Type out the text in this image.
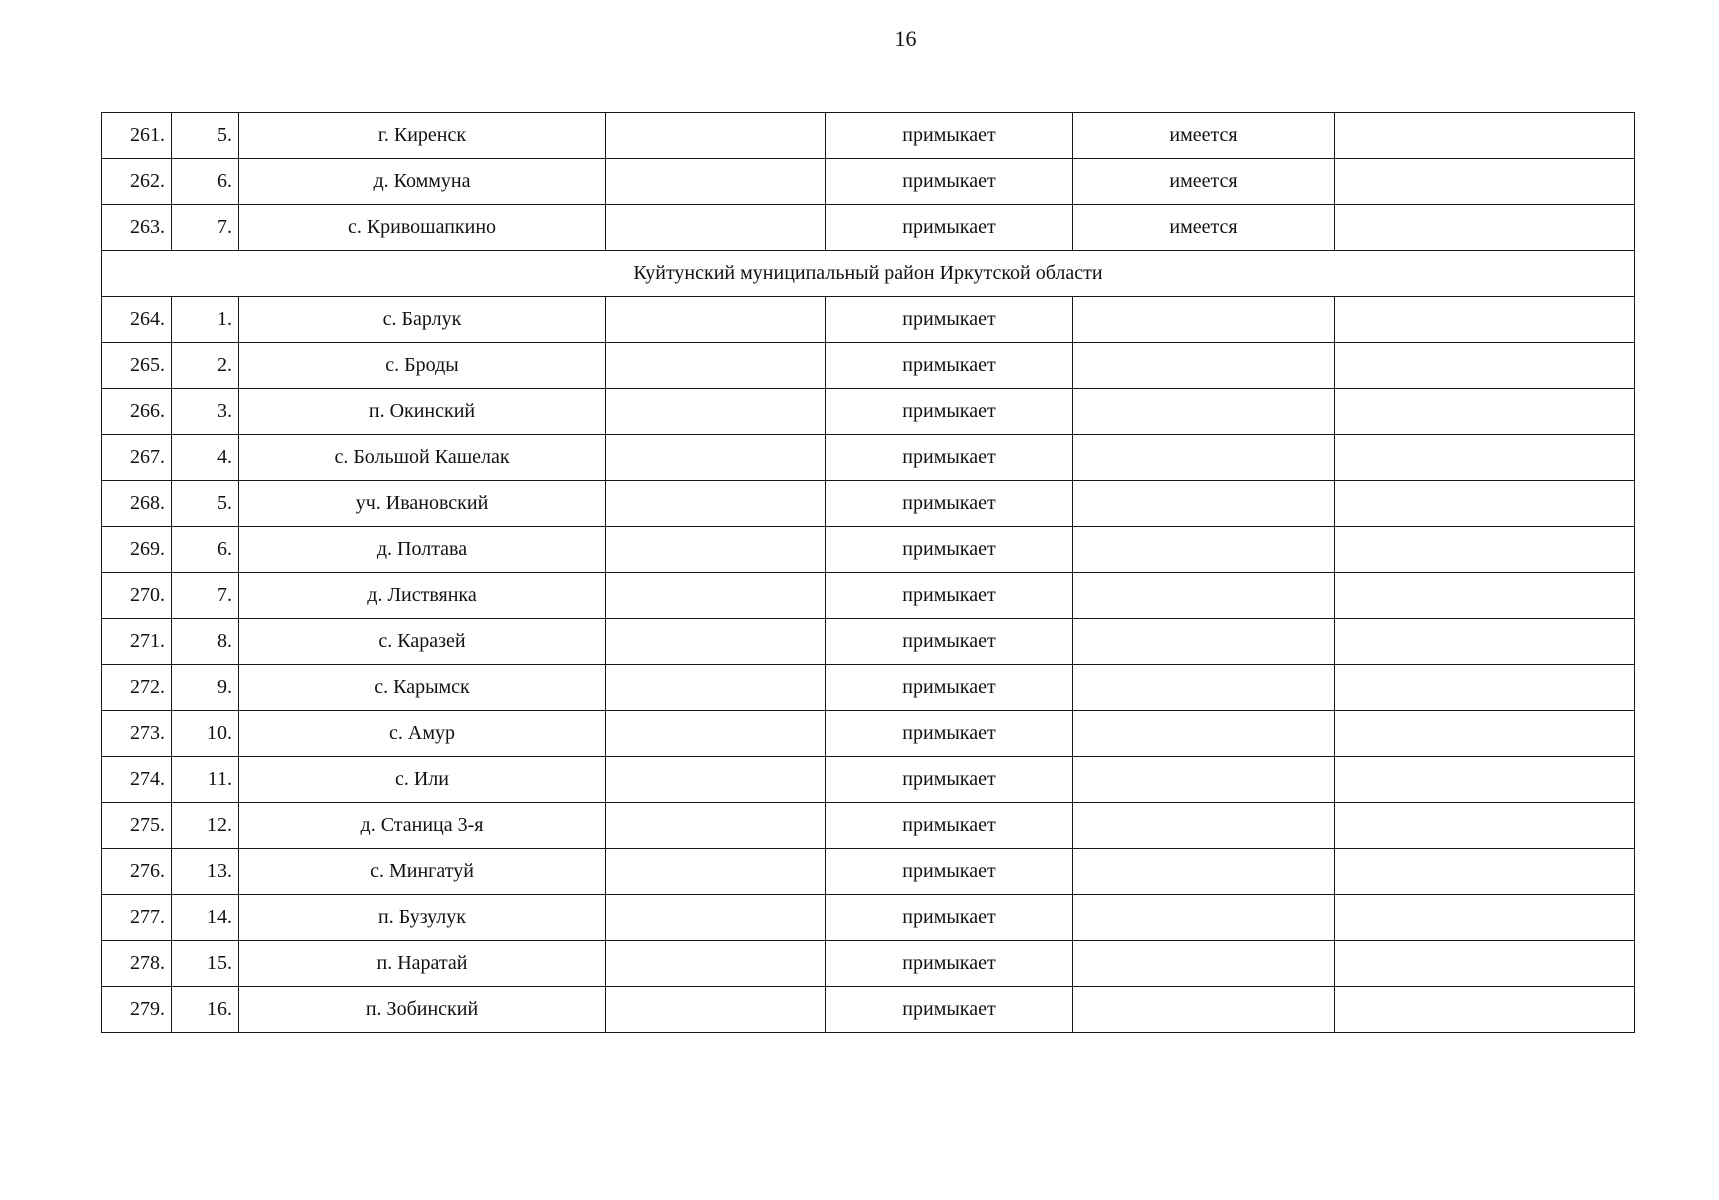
16
261.	5.	г. Киренск		примыкает	имеется	
262.	6.	д. Коммуна		примыкает	имеется	
263.	7.	с. Кривошапкино		примыкает	имеется	
Куйтунский муниципальный район Иркутской области						
264.	1.	с. Барлук		примыкает		
265.	2.	с. Броды		примыкает		
266.	3.	п. Окинский		примыкает		
267.	4.	с. Большой Кашелак		примыкает		
268.	5.	уч. Ивановский		примыкает		
269.	6.	д. Полтава		примыкает		
270.	7.	д. Листвянка		примыкает		
271.	8.	с. Каразей		примыкает		
272.	9.	с. Карымск		примыкает		
273.	10.	с. Амур		примыкает		
274.	11.	с. Или		примыкает		
275.	12.	д. Станица 3-я		примыкает		
276.	13.	с. Мингатуй		примыкает		
277.	14.	п. Бузулук		примыкает		
278.	15.	п. Наратай		примыкает		
279.	16.	п. Зобинский		примыкает		
